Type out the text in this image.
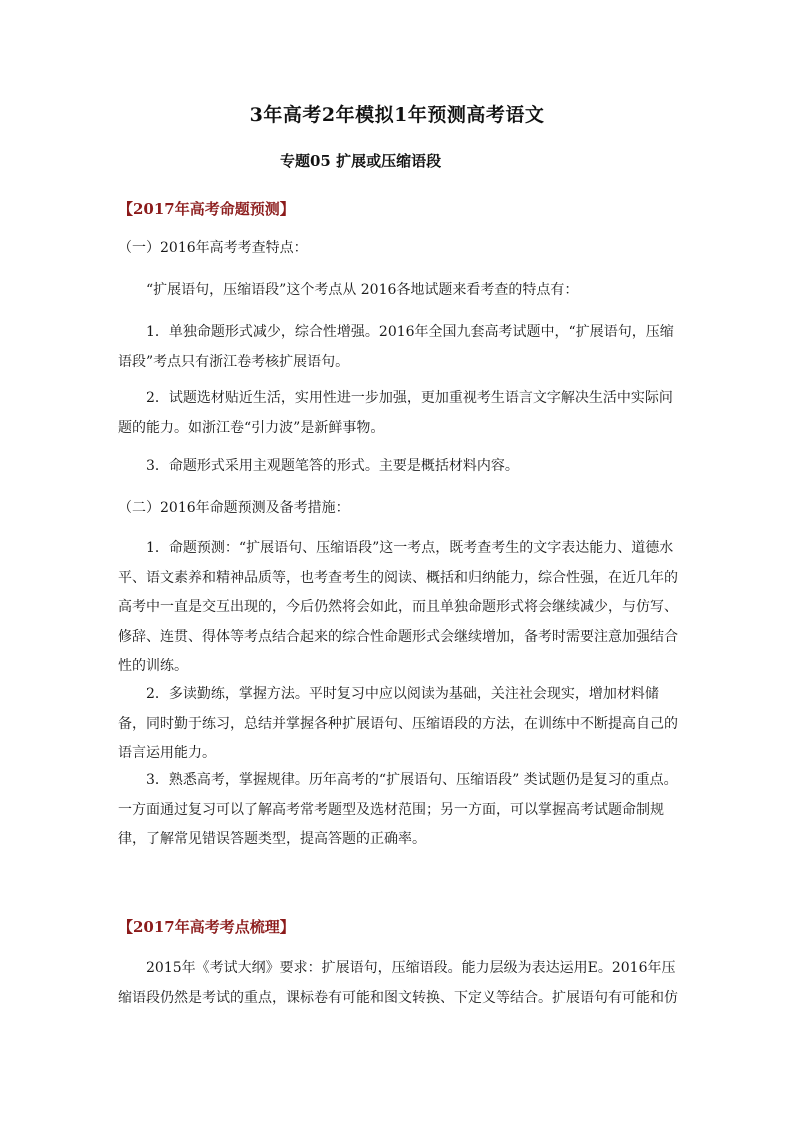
3年高考2年模拟1年预测高考语文
专题05 扩展或压缩语段
【2017年高考命题预测】
（一）2016年高考考查特点：
“扩展语句，压缩语段”这个考点从 2016各地试题来看考查的特点有：
1．单独命题形式减少，综合性增强。2016年全国九套高考试题中，“扩展语句，压缩语段”考点只有浙江卷考核扩展语句。
2．试题选材贴近生活，实用性进一步加强，更加重视考生语言文字解决生活中实际问题的能力。如浙江卷“引力波”是新鲜事物。
3．命题形式采用主观题笔答的形式。主要是概括材料内容。
（二）2016年命题预测及备考措施：
1．命题预测：“扩展语句、压缩语段”这一考点，既考查考生的文字表达能力、道德水平、语文素养和精神品质等，也考查考生的阅读、概括和归纳能力，综合性强，在近几年的高考中一直是交互出现的，今后仍然将会如此，而且单独命题形式将会继续减少，与仿写、修辞、连贯、得体等考点结合起来的综合性命题形式会继续增加，备考时需要注意加强结合性的训练。
2．多读勤练，掌握方法。平时复习中应以阅读为基础，关注社会现实，增加材料储备，同时勤于练习，总结并掌握各种扩展语句、压缩语段的方法，在训练中不断提高自己的语言运用能力。
3．熟悉高考，掌握规律。历年高考的“扩展语句、压缩语段” 类试题仍是复习的重点。一方面通过复习可以了解高考常考题型及选材范围；另一方面，可以掌握高考试题命制规律，了解常见错误答题类型，提高答题的正确率。
【2017年高考考点梳理】
2015年《考试大纲》要求：扩展语句，压缩语段。能力层级为表达运用E。2016年压缩语段仍然是考试的重点，课标卷有可能和图文转换、下定义等结合。扩展语句有可能和仿
